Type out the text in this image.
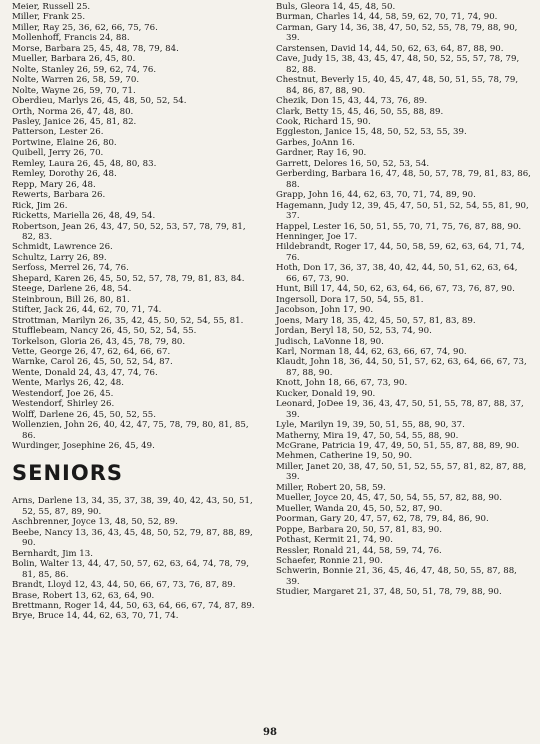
Meier, Russell 25.
Miller, Frank 25.
Miller, Ray 25, 36, 62, 66, 75, 76.
Mollenhoff, Francis 24, 88.
Morse, Barbara 25, 45, 48, 78, 79, 84.
Mueller, Barbara 26, 45, 80.
Nolte, Stanley 26, 59, 62, 74, 76.
Nolte, Warren 26, 58, 59, 70.
Nolte, Wayne 26, 59, 70, 71.
Oberdieu, Marlys 26, 45, 48, 50, 52, 54.
Orth, Norma 26, 47, 48, 80.
Pasley, Janice 26, 45, 81, 82.
Patterson, Lester 26.
Portwine, Elaine 26, 80.
Quibell, Jerry 26, 70.
Remley, Laura 26, 45, 48, 80, 83.
Remley, Dorothy 26, 48.
Repp, Mary 26, 48.
Rewerts, Barbara 26.
Rick, Jim 26.
Ricketts, Mariella 26, 48, 49, 54.
Robertson, Jean 26, 43, 47, 50, 52, 53, 57, 78, 79, 81, 82, 83.
Schmidt, Lawrence 26.
Schultz, Larry 26, 89.
Serfoss, Merrel 26, 74, 76.
Shepard, Karen 26, 45, 50, 52, 57, 78, 79, 81, 83, 84.
Steege, Darlene 26, 48, 54.
Steinbroun, Bill 26, 80, 81.
Stifter, Jack 26, 44, 62, 70, 71, 74.
Strottman, Marilyn 26, 35, 42, 45, 50, 52, 54, 55, 81.
Stufflebeam, Nancy 26, 45, 50, 52, 54, 55.
Torkelson, Gloria 26, 43, 45, 78, 79, 80.
Vette, George 26, 47, 62, 64, 66, 67.
Warnke, Carol 26, 45, 50, 52, 54, 87.
Wente, Donald 24, 43, 47, 74, 76.
Wente, Marlys 26, 42, 48.
Westendorf, Joe 26, 45.
Westendorf, Shirley 26.
Wolff, Darlene 26, 45, 50, 52, 55.
Wollenzien, John 26, 40, 42, 47, 75, 78, 79, 80, 81, 85, 86.
Wurdinger, Josephine 26, 45, 49.
SENIORS
Arns, Darlene 13, 34, 35, 37, 38, 39, 40, 42, 43, 50, 51, 52, 55, 87, 89, 90.
Aschbrenner, Joyce 13, 48, 50, 52, 89.
Beebe, Nancy 13, 36, 43, 45, 48, 50, 52, 79, 87, 88, 89, 90.
Bernhardt, Jim 13.
Bolin, Walter 13, 44, 47, 50, 57, 62, 63, 64, 74, 78, 79, 81, 85, 86.
Brandt, Lloyd 12, 43, 44, 50, 66, 67, 73, 76, 87, 89.
Brase, Robert 13, 62, 63, 64, 90.
Brettmann, Roger 14, 44, 50, 63, 64, 66, 67, 74, 87, 89.
Brye, Bruce 14, 44, 62, 63, 70, 71, 74.
Buls, Gleora 14, 45, 48, 50.
Burman, Charles 14, 44, 58, 59, 62, 70, 71, 74, 90.
Carman, Gary 14, 36, 38, 47, 50, 52, 55, 78, 79, 88, 90, 39.
Carstensen, David 14, 44, 50, 62, 63, 64, 87, 88, 90.
Cave, Judy 15, 38, 43, 45, 47, 48, 50, 52, 55, 57, 78, 79, 82, 88.
Chestnut, Beverly 15, 40, 45, 47, 48, 50, 51, 55, 78, 79, 84, 86, 87, 88, 90.
Chezik, Don 15, 43, 44, 73, 76, 89.
Clark, Betty 15, 45, 46, 50, 55, 88, 89.
Cook, Richard 15, 90.
Eggleston, Janice 15, 48, 50, 52, 53, 55, 39.
Garbes, JoAnn 16.
Gardner, Ray 16, 90.
Garrett, Delores 16, 50, 52, 53, 54.
Gerberding, Barbara 16, 47, 48, 50, 57, 78, 79, 81, 83, 86, 88.
Grapp, John 16, 44, 62, 63, 70, 71, 74, 89, 90.
Hagemann, Judy 12, 39, 45, 47, 50, 51, 52, 54, 55, 81, 90, 37.
Happel, Lester 16, 50, 51, 55, 70, 71, 75, 76, 87, 88, 90.
Henninger, Joe 17.
Hildebrandt, Roger 17, 44, 50, 58, 59, 62, 63, 64, 71, 74, 76.
Hoth, Don 17, 36, 37, 38, 40, 42, 44, 50, 51, 62, 63, 64, 66, 67, 73, 90.
Hunt, Bill 17, 44, 50, 62, 63, 64, 66, 67, 73, 76, 87, 90.
Ingersoll, Dora 17, 50, 54, 55, 81.
Jacobson, John 17, 90.
Joens, Mary 18, 35, 42, 45, 50, 57, 81, 83, 89.
Jordan, Beryl 18, 50, 52, 53, 74, 90.
Judisch, LaVonne 18, 90.
Karl, Norman 18, 44, 62, 63, 66, 67, 74, 90.
Klaudt, John 18, 36, 44, 50, 51, 57, 62, 63, 64, 66, 67, 73, 87, 88, 90.
Knott, John 18, 66, 67, 73, 90.
Kucker, Donald 19, 90.
Leonard, JoDee 19, 36, 43, 47, 50, 51, 55, 78, 87, 88, 37, 39.
Lyle, Marilyn 19, 39, 50, 51, 55, 88, 90, 37.
Matherny, Mira 19, 47, 50, 54, 55, 88, 90.
McGrane, Patricia 19, 47, 49, 50, 51, 55, 87, 88, 89, 90.
Mehmen, Catherine 19, 50, 90.
Miller, Janet 20, 38, 47, 50, 51, 52, 55, 57, 81, 82, 87, 88, 39.
Miller, Robert 20, 58, 59.
Mueller, Joyce 20, 45, 47, 50, 54, 55, 57, 82, 88, 90.
Mueller, Wanda 20, 45, 50, 52, 87, 90.
Poorman, Gary 20, 47, 57, 62, 78, 79, 84, 86, 90.
Poppe, Barbara 20, 50, 57, 81, 83, 90.
Pothast, Kermit 21, 74, 90.
Ressler, Ronald 21, 44, 58, 59, 74, 76.
Schaefer, Ronnie 21, 90.
Schwerin, Bonnie 21, 36, 45, 46, 47, 48, 50, 55, 87, 88, 39.
Studier, Margaret 21, 37, 48, 50, 51, 78, 79, 88, 90.
98
